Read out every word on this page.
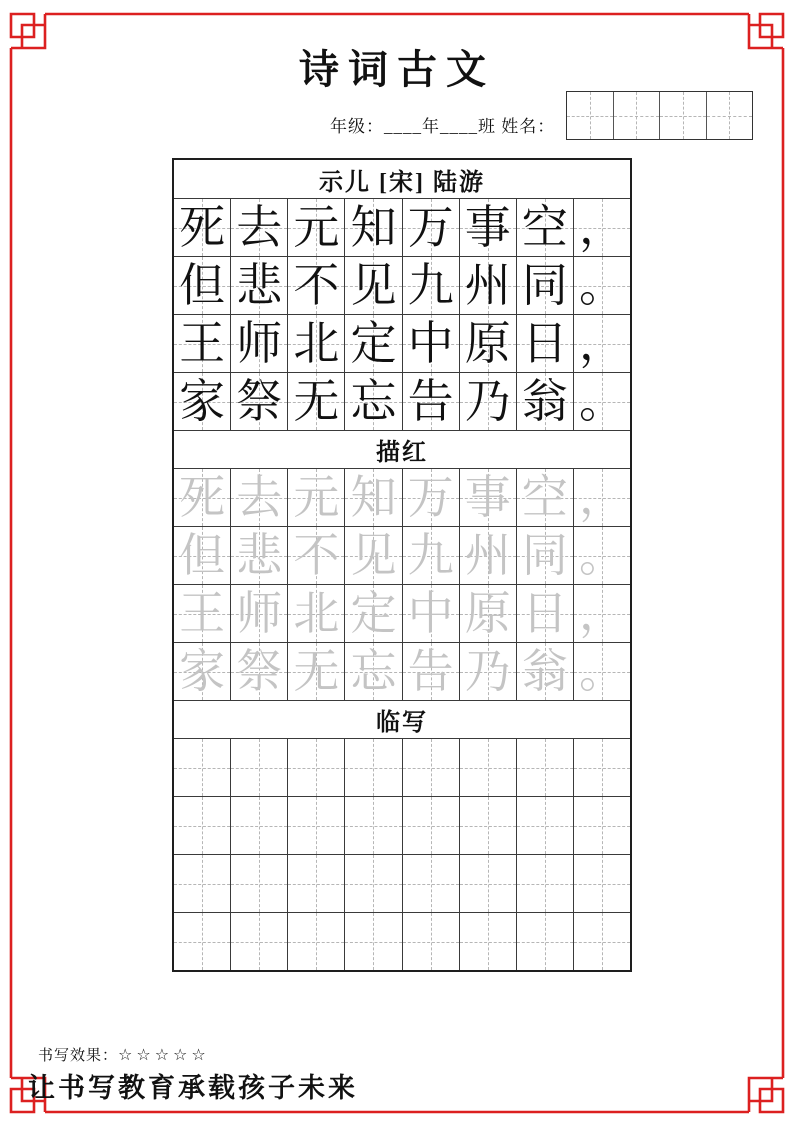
诗词古文
年级：____年____班 姓名：
示儿 [宋] 陆游
死 去 元 知 万 事 空 ，
但 悲 不 见 九 州 同 。
王 师 北 定 中 原 日 ，
家 祭 无 忘 告 乃 翁 。
描红
死 去 元 知 万 事 空 ，
但 悲 不 见 九 州 同 。
王 师 北 定 中 原 日 ，
家 祭 无 忘 告 乃 翁 。
临写
书写效果：☆☆☆☆☆
让书写教育承载孩子未来
